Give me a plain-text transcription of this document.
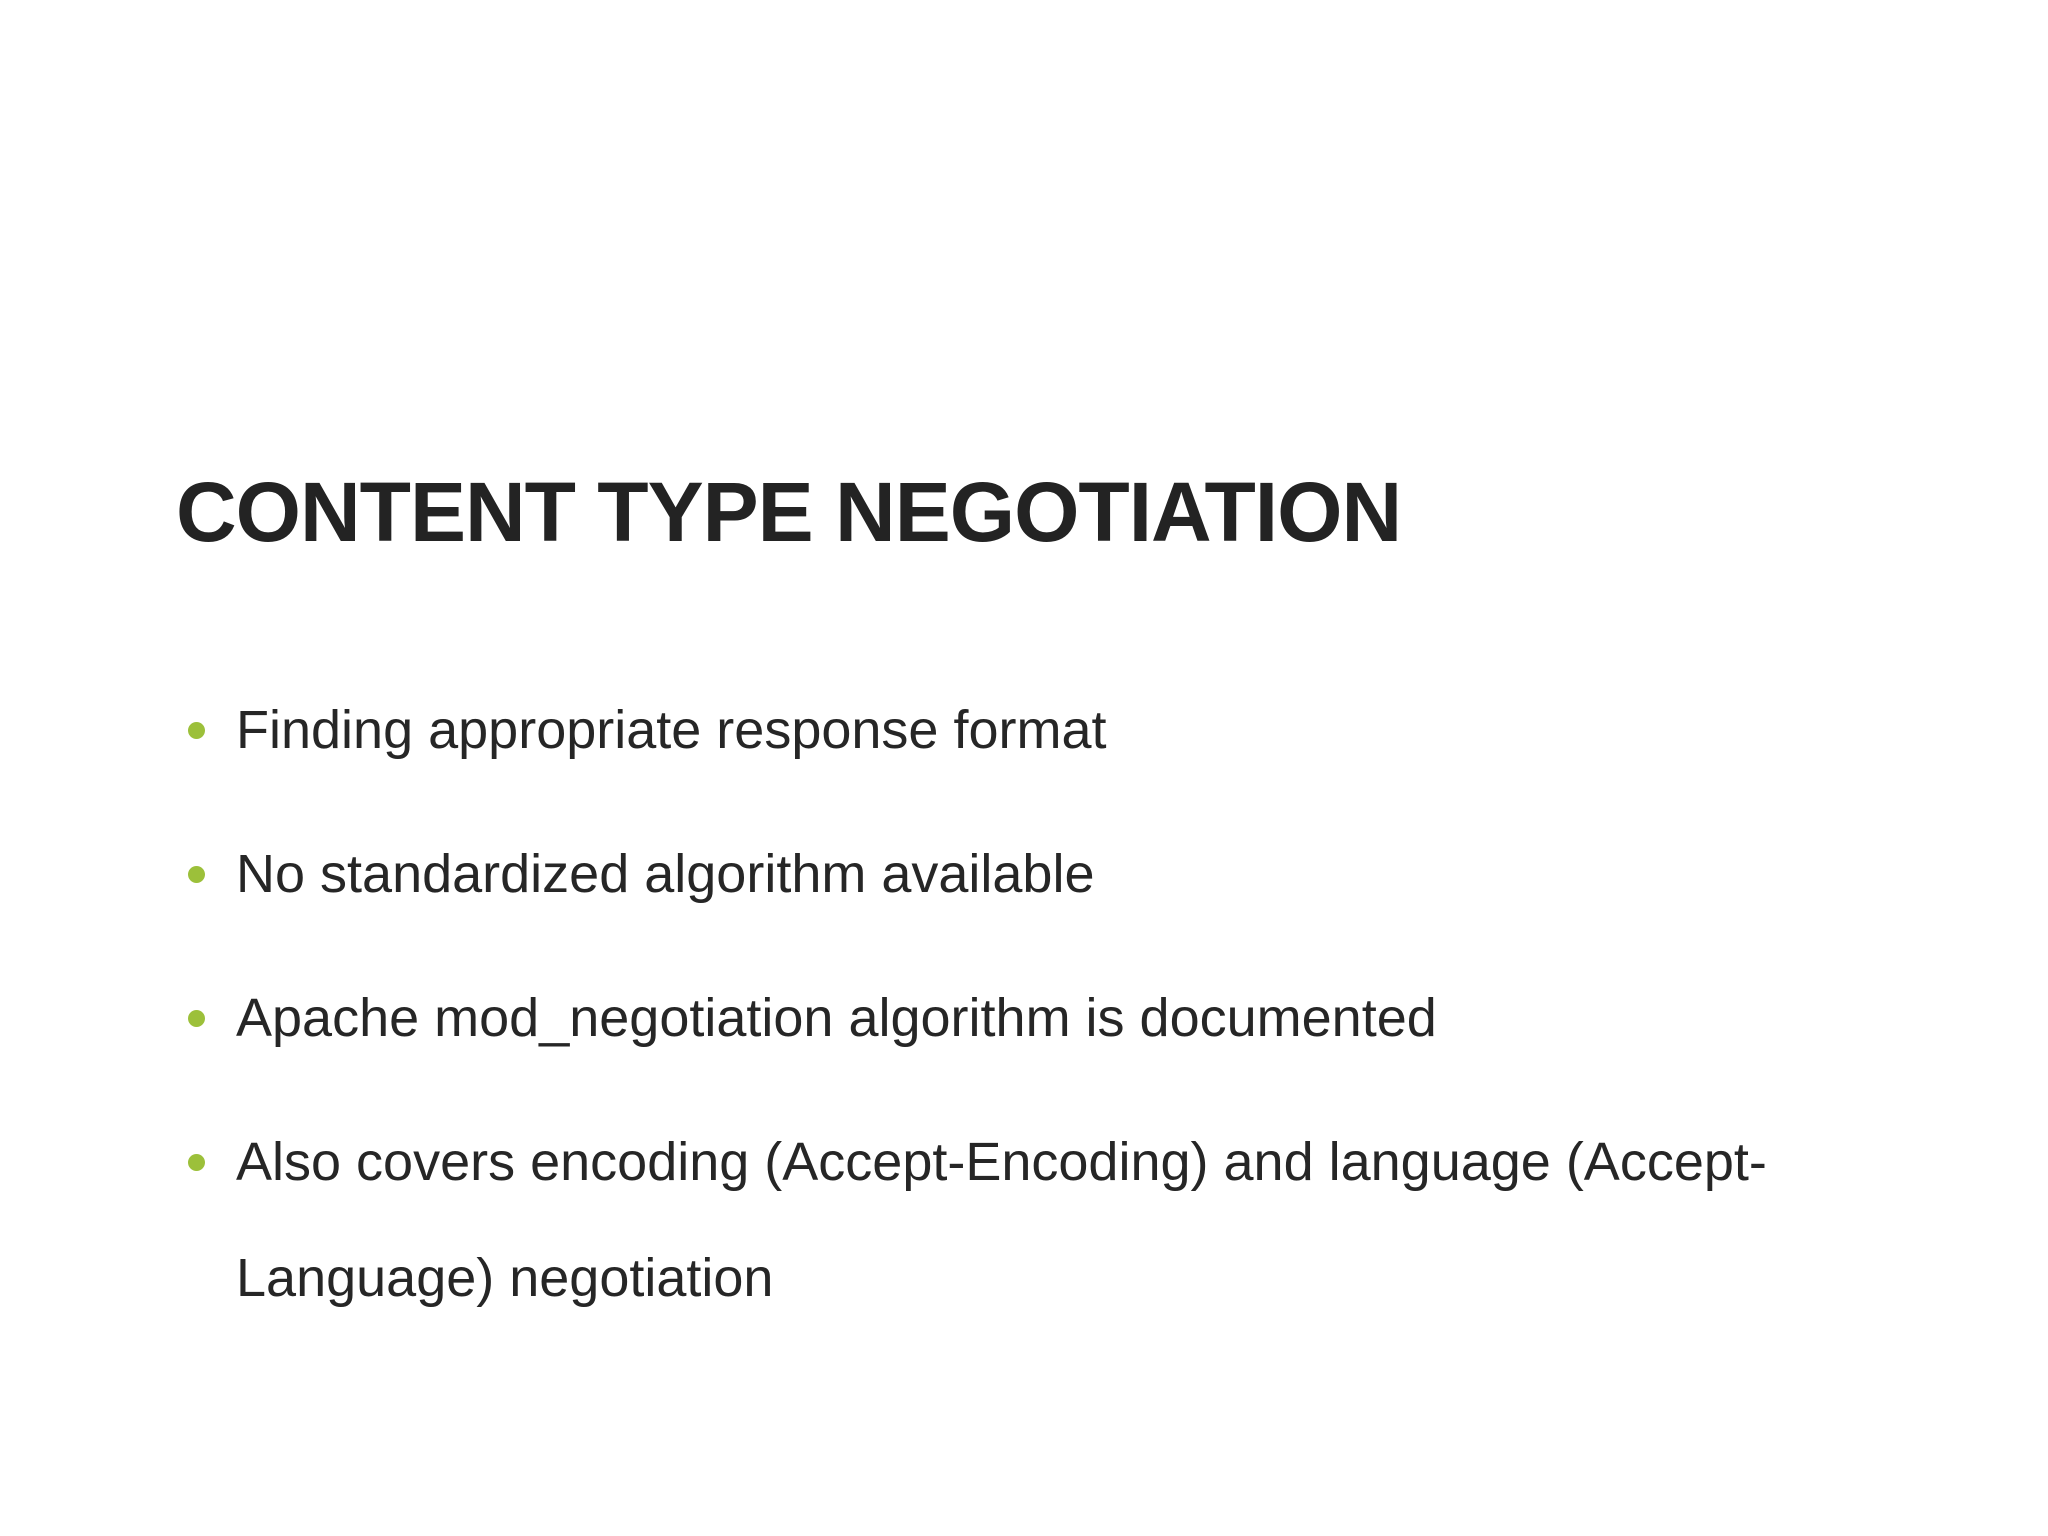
CONTENT TYPE NEGOTIATION
Finding appropriate response format
No standardized algorithm available
Apache mod_negotiation algorithm is documented
Also covers encoding (Accept-Encoding) and language (Accept-Language) negotiation
